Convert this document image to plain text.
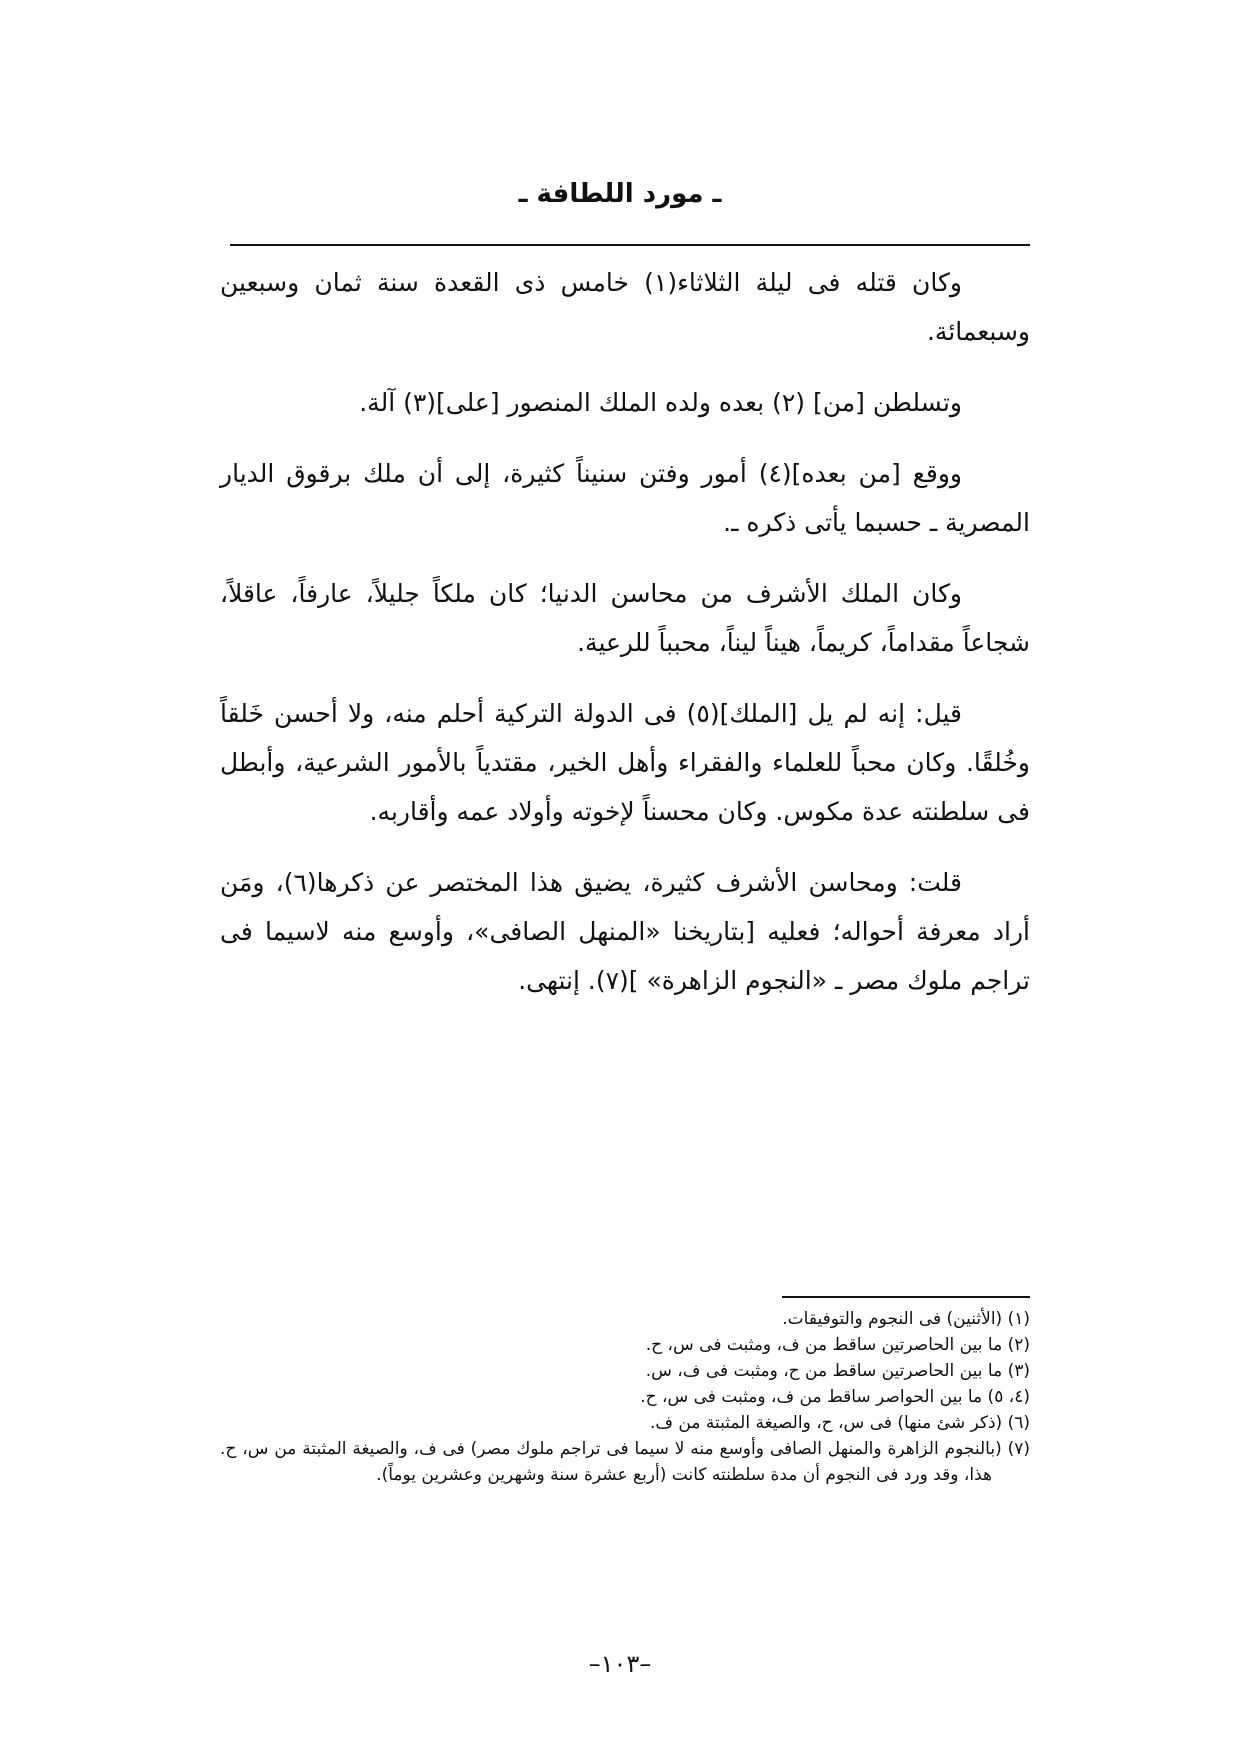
ـ مورد اللطافة ـ

وكان قتله فى ليلة الثلاثاء(١) خامس ذى القعدة سنة ثمان وسبعين وسبعمائة.

وتسلطن [من] (٢) بعده ولده الملك المنصور [على](٣) آلة.

ووقع [من بعده](٤) أمور وفتن سنيناً كثيرة، إلى أن ملك برقوق الديار المصرية ـ حسبما يأتى ذكره ـ.

وكان الملك الأشرف من محاسن الدنيا؛ كان ملكاً جليلاً، عارفاً، عاقلاً، شجاعاً مقداماً، كريماً، هيناً ليناً، محبباً للرعية.

قيل: إنه لم يل [الملك](٥) فى الدولة التركية أحلم منه، ولا أحسن خَلقاً وخُلقًا. وكان محباً للعلماء والفقراء وأهل الخير، مقتدياً بالأمور الشرعية، وأبطل فى سلطنته عدة مكوس. وكان محسناً لإخوته وأولاد عمه وأقاربه.

قلت: ومحاسن الأشرف كثيرة، يضيق هذا المختصر عن ذكرها(٦)، ومَن أراد معرفة أحواله؛ فعليه [بتاريخنا «المنهل الصافى»، وأوسع منه لاسيما فى تراجم ملوك مصر ـ «النجوم الزاهرة» ](٧). إنتهى.

(١) (الأثنين) فى النجوم والتوفيقات.

(٢) ما بين الحاصرتين ساقط من ف، ومثبت فى س، ح.

(٣) ما بين الحاصرتين ساقط من ح، ومثبت فى ف، س.

(٤، ٥) ما بين الحواصر ساقط من ف، ومثبت فى س، ح.

(٦) (ذكر شئ منها) فى س، ح، والصيغة المثبتة من ف.

(٧) (بالنجوم الزاهرة والمنهل الصافى وأوسع منه لا سيما فى تراجم ملوك مصر) فى ف، والصيغة المثبتة من س، ح. هذا، وقد ورد فى النجوم أن مدة سلطنته كانت (أربع عشرة سنة وشهرين وعشرين يوماً).

–١٠٣–
